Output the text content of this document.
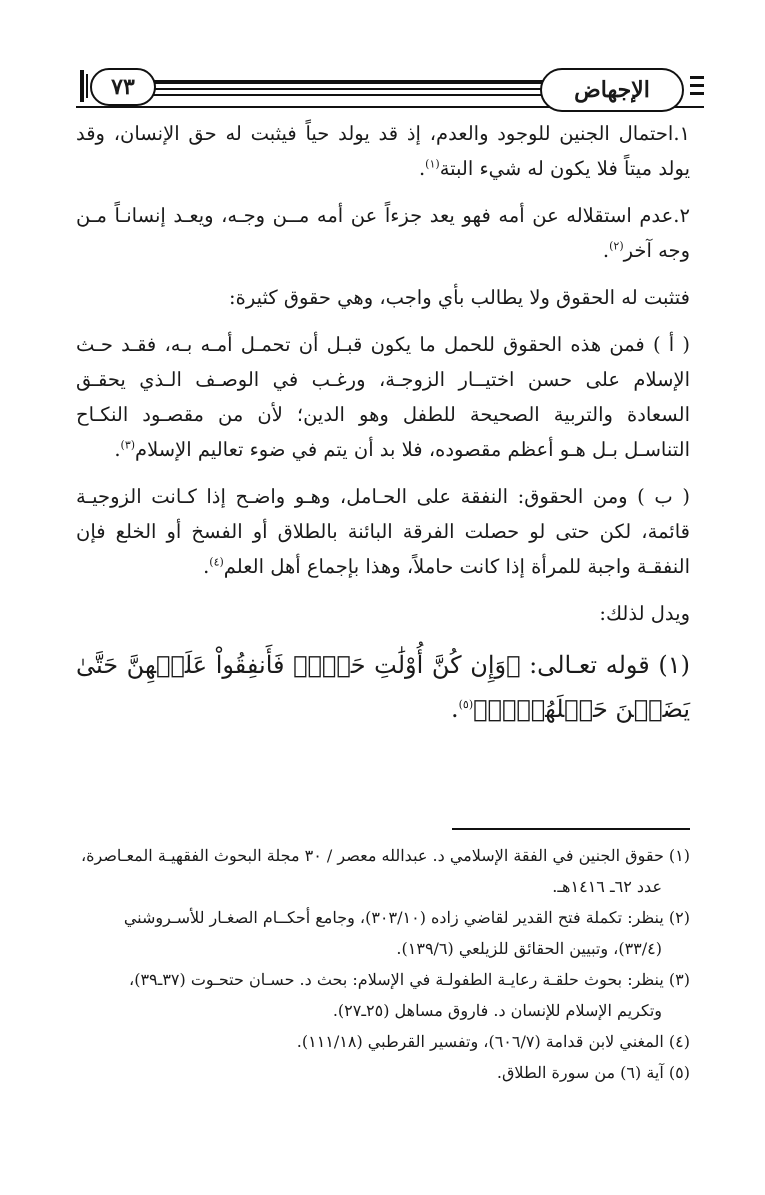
٧٣	الإجهاض

١.احتمال الجنين للوجود والعدم، إذ قد يولد حياً فيثبت له حق الإنسان، وقد يولد ميتاً فلا يكون له شيء البتة$^{(١)}$.

٢.عدم استقلاله عن أمه فهو يعد جزءاً عن أمه مــن وجـه، ويعـد إنسانـاً مـن وجه آخر$^{(٢)}$.

فتثبت له الحقوق ولا يطالب بأي واجب، وهي حقوق كثيرة:

( أ ) فمن هذه الحقوق للحمل ما يكون قبـل أن تحمـل أمـه بـه، فقـد حـث الإسلام على حسن اختيــار الزوجـة، ورغـب في الوصـف الـذي يحقـق السعادة والتربية الصحيحة للطفل وهو الدين؛ لأن من مقصـود النكـاح التناسـل بـل هـو أعظم مقصوده، فلا بد أن يتم في ضوء تعاليم الإسلام$^{(٣)}$.

( ب ) ومن الحقوق: النفقة على الحـامل، وهـو واضـح إذا كـانت الزوجيـة قائمة، لكن حتى لو حصلت الفرقة البائنة بالطلاق أو الفسخ أو الخلع فإن النفقـة واجبة للمرأة إذا كانت حاملاً، وهذا بإجماع أهل العلم$^{(٤)}$.

ويدل لذلك:

(١) قوله تعـالى: ﴿وَإِن كُنَّ أُوْلَٰتِ حَمۡلٖ فَأَنفِقُواْ عَلَيۡهِنَّ حَتَّىٰ يَضَعۡنَ حَمۡلَهُنَّۚ﴾$^{(٥)}$.

(١) حقوق الجنين في الفقة الإسلامي د. عبدالله معصر / ٣٠ مجلة البحوث الفقهيـة المعـاصرة،

عدد ٦٢ـ ١٤١٦هـ.

(٢) ينظر: تكملة فتح القدير لقاضي زاده (٣٠٣/١٠)، وجامع أحكــام الصغـار للأسـروشني

(٣٣/٤)، وتبيين الحقائق للزيلعي (١٣٩/٦).

(٣) ينظر: بحوث حلقـة رعايـة الطفولـة في الإسلام: بحث د. حسـان حتحـوت (٣٧ـ٣٩)،

وتكريم الإسلام للإنسان د. فاروق مساهل (٢٥ـ٢٧).

(٤) المغني لابن قدامة (٦٠٦/٧)، وتفسير القرطبي (١١١/١٨).

(٥) آية (٦) من سورة الطلاق.
